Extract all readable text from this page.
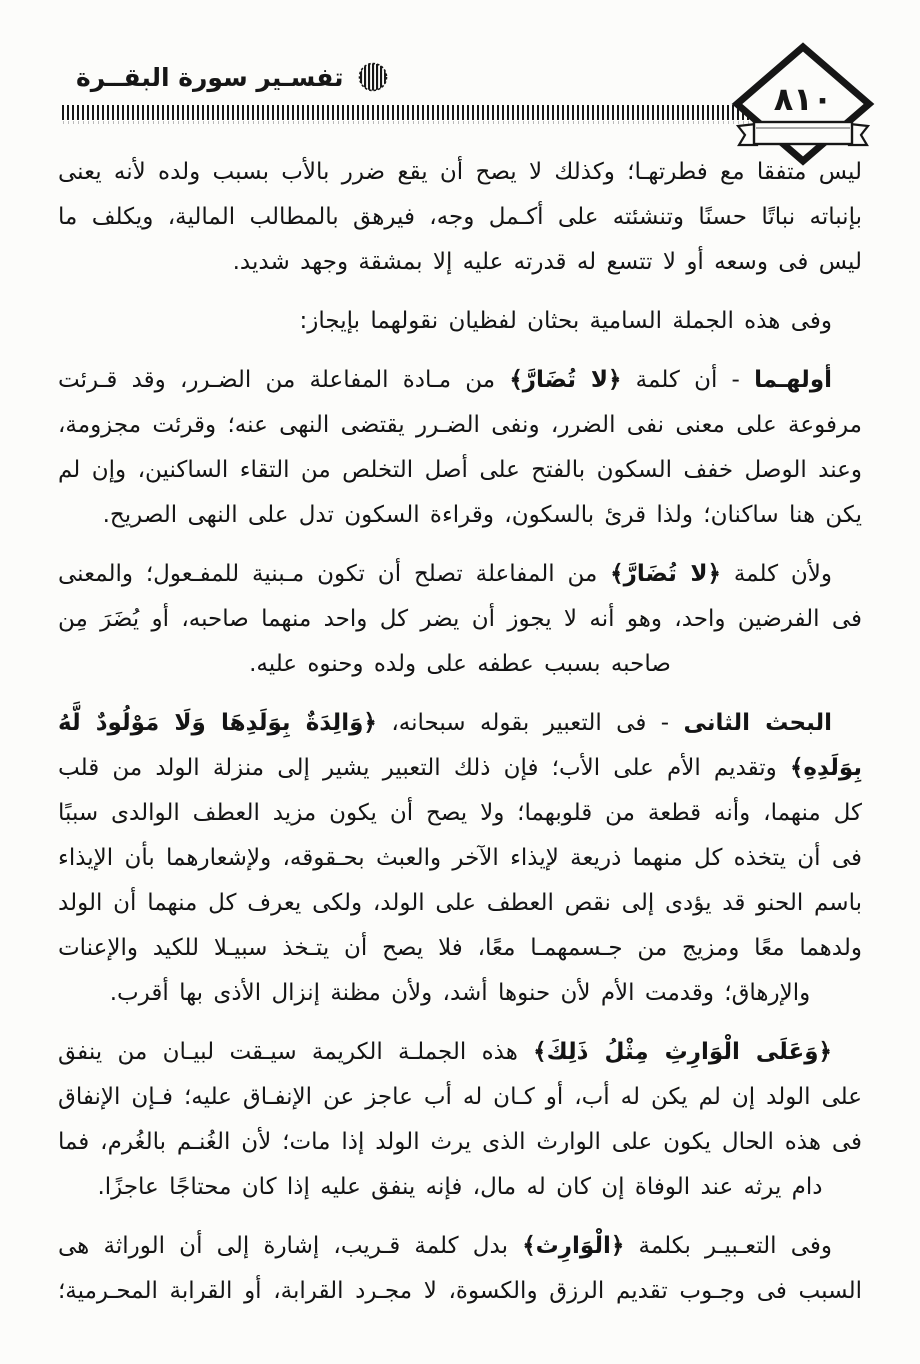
تفسـير سورة البقــرة
٨١٠

ليس متفقا مع فطرتهـا؛ وكذلك لا يصح أن يقع ضرر بالأب بسبب ولده لأنه يعنى بإنباته نباتًا حسنًا وتنشئته على أكـمل وجه، فيرهق بالمطالب المالية، ويكلف ما ليس فى وسعه أو لا تتسع له قدرته عليه إلا بمشقة وجهد شديد.

وفى هذه الجملة السامية بحثان لفظيان نقولهما بإيجاز:

أولهـما - أن كلمة ﴿لا تُضَارَّ﴾ من مـادة المفاعلة من الضـرر، وقد قـرئت مرفوعة على معنى نفى الضرر، ونفى الضـرر يقتضى النهى عنه؛ وقرئت مجزومة، وعند الوصل خفف السكون بالفتح على أصل التخلص من التقاء الساكنين، وإن لم يكن هنا ساكنان؛ ولذا قرئ بالسكون، وقراءة السكون تدل على النهى الصريح.

ولأن كلمة ﴿لا تُضَارَّ﴾ من المفاعلة تصلح أن تكون مـبنية للمفـعول؛ والمعنى فى الفرضين واحد، وهو أنه لا يجوز أن يضر كل واحد منهما صاحبه، أو يُضَرَ مِن صاحبه بسبب عطفه على ولده وحنوه عليه.

البحث الثانى - فى التعبير بقوله سبحانه، ﴿وَالِدَةٌ بِوَلَدِهَا وَلَا مَوْلُودٌ لَّهُ بِوَلَدِهِ﴾ وتقديم الأم على الأب؛ فإن ذلك التعبير يشير إلى منزلة الولد من قلب كل منهما، وأنه قطعة من قلوبهما؛ ولا يصح أن يكون مزيد العطف الوالدى سببًا فى أن يتخذه كل منهما ذريعة لإيذاء الآخر والعبث بحـقوقه، ولإشعارهما بأن الإيذاء باسم الحنو قد يؤدى إلى نقص العطف على الولد، ولكى يعرف كل منهما أن الولد ولدهما معًا ومزيج من جـسمهمـا معًا، فلا يصح أن يتـخذ سبيـلا للكيد والإعنات والإرهاق؛ وقدمت الأم لأن حنوها أشد، ولأن مظنة إنزال الأذى بها أقرب.

﴿وَعَلَى الْوَارِثِ مِثْلُ ذَلِكَ﴾ هذه الجملـة الكريمة سيـقت لبيـان من ينفق على الولد إن لم يكن له أب، أو كـان له أب عاجز عن الإنفـاق عليه؛ فـإن الإنفاق فى هذه الحال يكون على الوارث الذى يرث الولد إذا مات؛ لأن الغُنـم بالغُرم، فما دام يرثه عند الوفاة إن كان له مال، فإنه ينفق عليه إذا كان محتاجًا عاجزًا.

وفى التعـبيـر بكلمة ﴿الْوَارِث﴾ بدل كلمة قـريب، إشارة إلى أن الوراثة هى السبب فى وجـوب تقديم الرزق والكسوة، لا مجـرد القرابة، أو القرابة المحـرمية؛
